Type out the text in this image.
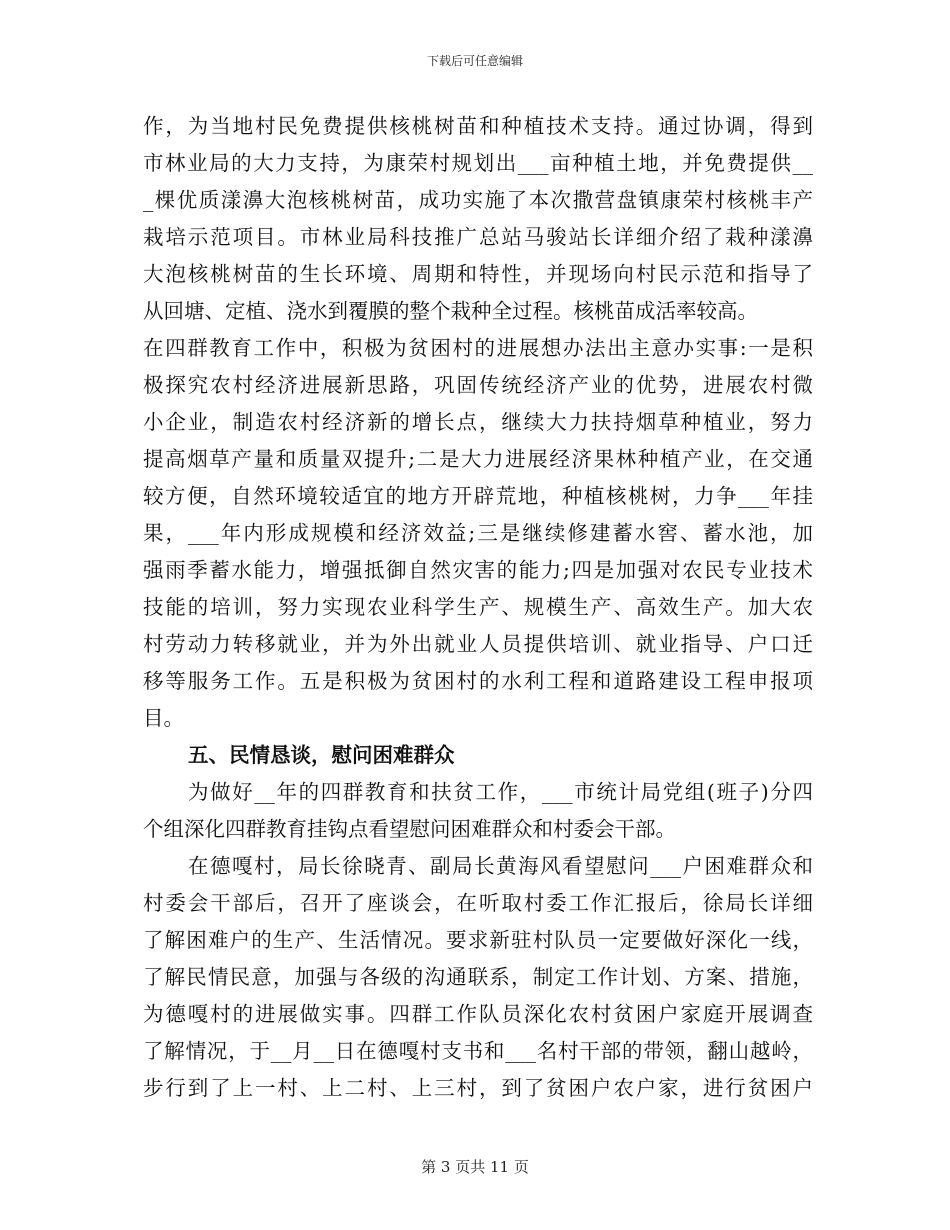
下载后可任意编辑
作，为当地村民免费提供核桃树苗和种植技术支持。通过协调，得到
市林业局的大力支持，为康荣村规划出___亩种植土地，并免费提供__
_棵优质漾濞大泡核桃树苗，成功实施了本次撒营盘镇康荣村核桃丰产
栽培示范项目。市林业局科技推广总站马骏站长详细介绍了栽种漾濞
大泡核桃树苗的生长环境、周期和特性，并现场向村民示范和指导了
从回塘、定植、浇水到覆膜的整个栽种全过程。核桃苗成活率较高。
在四群教育工作中，积极为贫困村的进展想办法出主意办实事:一是积
极探究农村经济进展新思路，巩固传统经济产业的优势，进展农村微
小企业，制造农村经济新的增长点，继续大力扶持烟草种植业，努力
提高烟草产量和质量双提升;二是大力进展经济果林种植产业，在交通
较方便，自然环境较适宜的地方开辟荒地，种植核桃树，力争___年挂
果，___年内形成规模和经济效益;三是继续修建蓄水窖、蓄水池，加
强雨季蓄水能力，增强抵御自然灾害的能力;四是加强对农民专业技术
技能的培训，努力实现农业科学生产、规模生产、高效生产。加大农
村劳动力转移就业，并为外出就业人员提供培训、就业指导、户口迁
移等服务工作。五是积极为贫困村的水利工程和道路建设工程申报项
目。
五、民情恳谈，慰问困难群众
为做好__年的四群教育和扶贫工作，___市统计局党组(班子)分四
个组深化四群教育挂钩点看望慰问困难群众和村委会干部。
在德嘎村，局长徐晓青、副局长黄海风看望慰问___户困难群众和
村委会干部后，召开了座谈会，在听取村委工作汇报后，徐局长详细
了解困难户的生产、生活情况。要求新驻村队员一定要做好深化一线，
了解民情民意，加强与各级的沟通联系，制定工作计划、方案、措施，
为德嘎村的进展做实事。四群工作队员深化农村贫困户家庭开展调查
了解情况，于__月__日在德嘎村支书和___名村干部的带领，翻山越岭，
步行到了上一村、上二村、上三村，到了贫困户农户家，进行贫困户
第 3 页共 11 页
